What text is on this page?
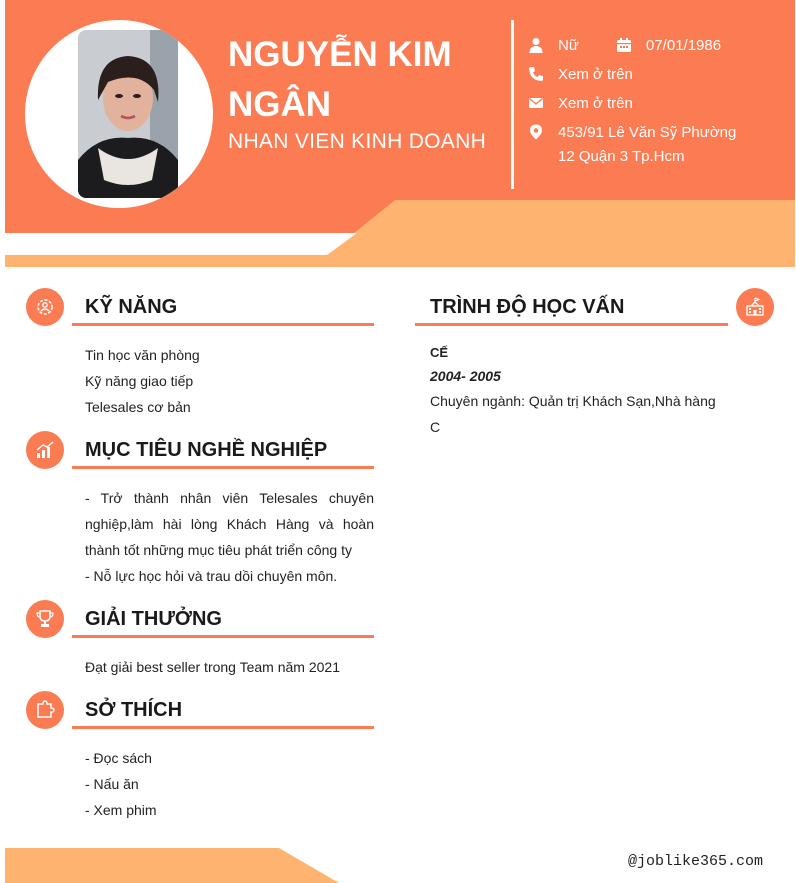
NGUYỄN KIM NGÂN
NHAN VIEN KINH DOANH
Nữ	07/01/1986
Xem ở trên
Xem ở trên
453/91 Lê Văn Sỹ Phường
12 Quận 3 Tp.Hcm
KỸ NĂNG
Tin học văn phòng
Kỹ năng giao tiếp
Telesales cơ bản
MỤC TIÊU NGHỀ NGHIỆP
- Trở thành nhân viên Telesales chuyên nghiệp,làm hài lòng Khách Hàng và hoàn thành tốt những mục tiêu phát triển công ty
- Nỗ lực học hỏi và trau dồi chuyên môn.
GIẢI THƯỞNG
Đạt giải best seller trong Team năm 2021
SỞ THÍCH
- Đọc sách
- Nấu ăn
- Xem phim
TRÌNH ĐỘ HỌC VẤN
CẾ
2004- 2005
Chuyên ngành: Quản trị Khách Sạn,Nhà hàng
C
@joblike365.com
